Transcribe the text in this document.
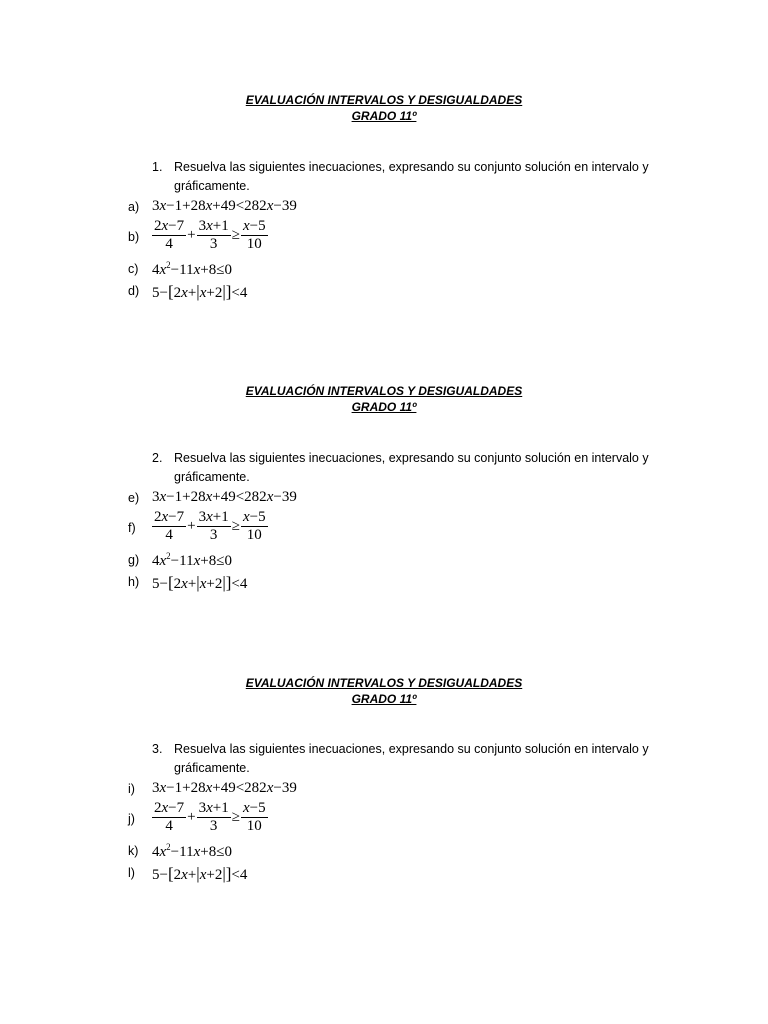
EVALUACIÓN INTERVALOS Y DESIGUALDADES
GRADO 11º
1. Resuelva las siguientes inecuaciones, expresando su conjunto solución en intervalo y gráficamente.
a) 3x−1+28x+49<282x−39
$b) \frac{2x-7}{4} + \frac{3x+1}{3} \ge \frac{x-5}{10}$
c) $4x^2-11x+8\le 0$
d) 5−[2x+|x+2|]<4
EVALUACIÓN INTERVALOS Y DESIGUALDADES
GRADO 11º
2. Resuelva las siguientes inecuaciones, expresando su conjunto solución en intervalo y gráficamente.
e) 3x−1+28x+49<282x−39
f)	$\frac{2x-7}{4} + \frac{3x+1}{3} \ge \frac{x-5}{10}$
g) $4x^2-11x+8\le 0$
h) 5−[2x+|x+2|]<4
EVALUACIÓN INTERVALOS Y DESIGUALDADES
GRADO 11º
3. Resuelva las siguientes inecuaciones, expresando su conjunto solución en intervalo y gráficamente.
i)	3x−1+28x+49<282x−39
j)	$\frac{2x-7}{4} + \frac{3x+1}{3} \ge \frac{x-5}{10}$
k) $4x^2-11x+8\le 0$
l)	5−[2x+|x+2|]<4
